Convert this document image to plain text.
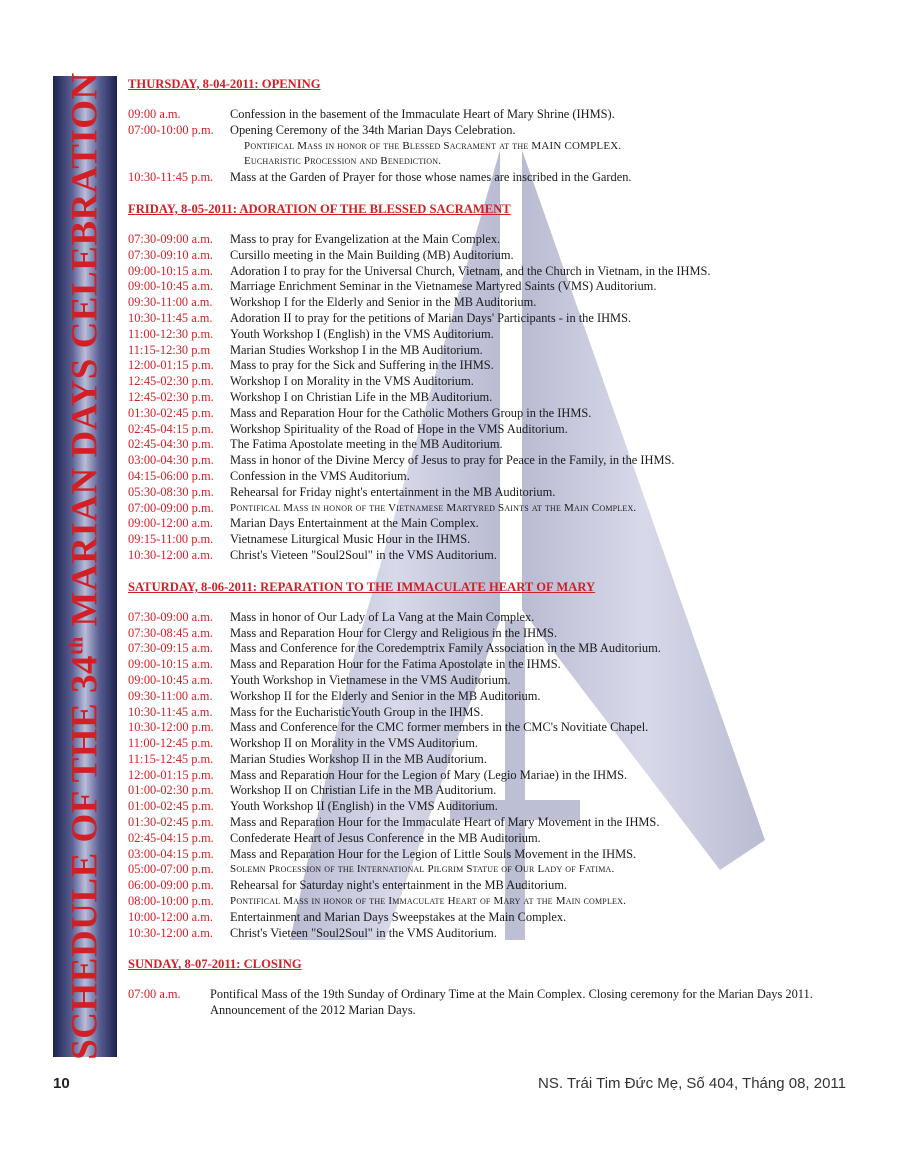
SCHEDULE OF THE 34th MARIAN DAYS CELEBRATION THURSDAY, 8-04-2011: OPENING
09:00 a.m.	Confession in the basement of the Immaculate Heart of Mary Shrine (IHMS).
07:00-10:00 p.m.	Opening Ceremony of the 34th Marian Days Celebration.
Pontifical Mass in honor of the Blessed Sacrament at the MAIN COMPLEX.
Eucharistic Procession and Benediction.
10:30-11:45 p.m.	Mass at the Garden of Prayer for those whose names are inscribed in the Garden.
FRIDAY, 8-05-2011: ADORATION OF THE BLESSED SACRAMENT
07:30-09:00 a.m.	Mass to pray for Evangelization at the Main Complex.
07:30-09:10 a.m.	Cursillo meeting in the Main Building (MB) Auditorium.
09:00-10:15 a.m.	Adoration I to pray for the Universal Church, Vietnam, and the Church in Vietnam, in the IHMS.
09:00-10:45 a.m.	Marriage Enrichment Seminar in the Vietnamese Martyred Saints (VMS) Auditorium.
09:30-11:00 a.m.	Workshop I for the Elderly and Senior in the MB Auditorium.
10:30-11:45 a.m.	Adoration II to pray for the petitions of Marian Days' Participants - in the IHMS.
11:00-12:30 p.m.	Youth Workshop I (English) in the VMS Auditorium.
11:15-12:30 p.m	Marian Studies Workshop I in the MB Auditorium.
12:00-01:15 p.m.	Mass to pray for the Sick and Suffering in the IHMS.
12:45-02:30 p.m.	Workshop I on Morality in the VMS Auditorium.
12:45-02:30 p.m.	Workshop I on Christian Life in the MB Auditorium.
01:30-02:45 p.m.	Mass and Reparation Hour for the Catholic Mothers Group in the IHMS.
02:45-04:15 p.m.	Workshop Spirituality of the Road of Hope in the VMS Auditorium.
02:45-04:30 p.m.	The Fatima Apostolate meeting in the MB Auditorium.
03:00-04:30 p.m.	Mass in honor of the Divine Mercy of Jesus to pray for Peace in the Family, in the IHMS.
04:15-06:00 p.m.	Confession in the VMS Auditorium.
05:30-08:30 p.m.	Rehearsal for Friday night's entertainment in the MB Auditorium.
07:00-09:00 p.m.	Pontifical Mass in honor of the Vietnamese Martyred Saints at the Main Complex.
09:00-12:00 a.m.	Marian Days Entertainment at the Main Complex.
09:15-11:00 p.m.	Vietnamese Liturgical Music Hour in the IHMS.
10:30-12:00 a.m.	Christ's Vieteen "Soul2Soul" in the VMS Auditorium.
SATURDAY, 8-06-2011: REPARATION TO THE IMMACULATE HEART OF MARY
07:30-09:00 a.m.	Mass in honor of Our Lady of La Vang at the Main Complex.
07:30-08:45 a.m.	Mass and Reparation Hour for Clergy and Religious in the IHMS.
07:30-09:15 a.m.	Mass and Conference for the Coredemptrix Family Association in the MB Auditorium.
09:00-10:15 a.m.	Mass and Reparation Hour for the Fatima Apostolate in the IHMS.
09:00-10:45 a.m.	Youth Workshop in Vietnamese in the VMS Auditorium.
09:30-11:00 a.m.	Workshop II for the Elderly and Senior in the MB Auditorium.
10:30-11:45 a.m.	Mass for the EucharisticYouth Group in the IHMS.
10:30-12:00 p.m.	Mass and Conference for the CMC former members in the CMC's Novitiate Chapel.
11:00-12:45 p.m.	Workshop II on Morality in the VMS Auditorium.
11:15-12:45 p.m.	Marian Studies Workshop II in the MB Auditorium.
12:00-01:15 p.m.	Mass and Reparation Hour for the Legion of Mary (Legio Mariae) in the IHMS.
01:00-02:30 p.m.	Workshop II on Christian Life in the MB Auditorium.
01:00-02:45 p.m.	Youth Workshop II (English) in the VMS Auditorium.
01:30-02:45 p.m.	Mass and Reparation Hour for the Immaculate Heart of Mary Movement in the IHMS.
02:45-04:15 p.m.	Confederate Heart of Jesus Conference in the MB Auditorium.
03:00-04:15 p.m.	Mass and Reparation Hour for the Legion of Little Souls Movement in the IHMS.
05:00-07:00 p.m.	Solemn Procession of the International Pilgrim Statue of Our Lady of Fatima.
06:00-09:00 p.m.	Rehearsal for Saturday night's entertainment in the MB Auditorium.
08:00-10:00 p.m.	Pontifical Mass in honor of the Immaculate Heart of Mary at the Main complex.
10:00-12:00 a.m.	Entertainment and Marian Days Sweepstakes at the Main Complex.
10:30-12:00 a.m.	Christ's Vieteen "Soul2Soul" in the VMS Auditorium.
SUNDAY, 8-07-2011: CLOSING
07:00 a.m.	Pontifical Mass of the 19th Sunday of Ordinary Time at the Main Complex. Closing ceremony for the Marian Days 2011. Announcement of the 2012 Marian Days.
10	NS. Trái Tim Đức Mẹ, Số 404, Tháng 08, 2011
